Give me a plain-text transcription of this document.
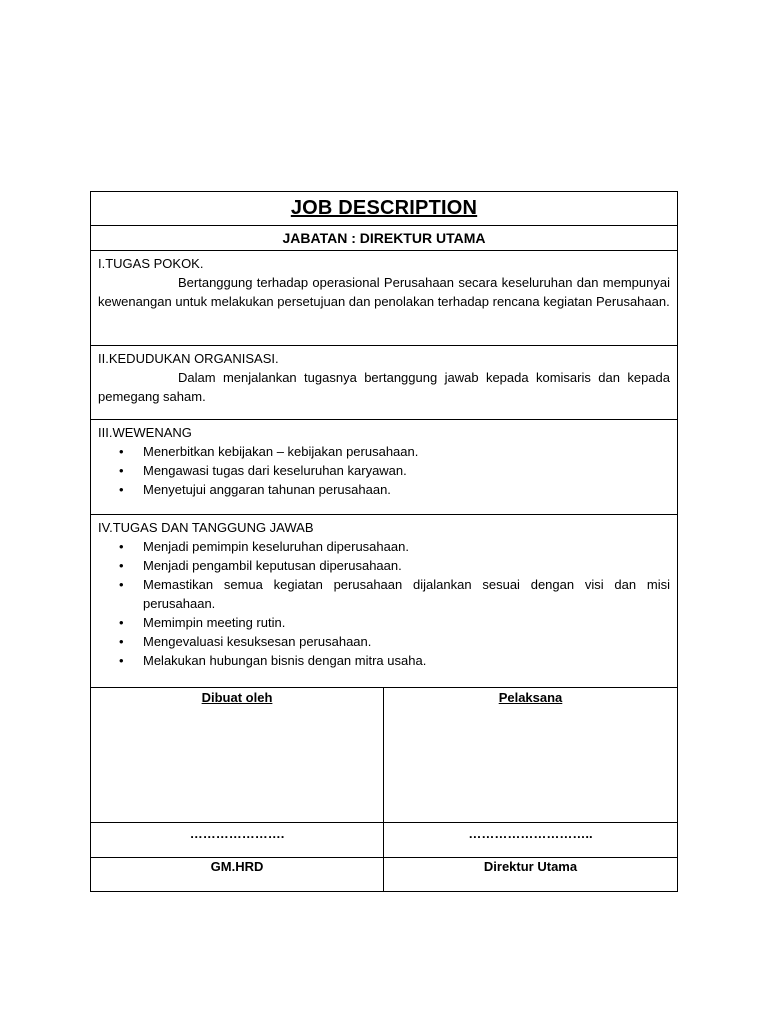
JOB DESCRIPTION
JABATAN : DIREKTUR UTAMA
I.TUGAS POKOK.
Bertanggung terhadap operasional Perusahaan secara keseluruhan dan mempunyai kewenangan untuk melakukan persetujuan dan penolakan terhadap rencana kegiatan Perusahaan.
II.KEDUDUKAN ORGANISASI.
Dalam menjalankan tugasnya bertanggung jawab kepada komisaris dan kepada pemegang saham.
III.WEWENANG
• Menerbitkan kebijakan – kebijakan perusahaan.
• Mengawasi tugas dari keseluruhan karyawan.
• Menyetujui anggaran tahunan perusahaan.
IV.TUGAS DAN TANGGUNG JAWAB
• Menjadi pemimpin keseluruhan diperusahaan.
• Menjadi pengambil keputusan diperusahaan.
• Memastikan semua kegiatan perusahaan dijalankan sesuai dengan visi dan misi perusahaan.
• Memimpin meeting rutin.
• Mengevaluasi kesuksesan perusahaan.
• Melakukan hubungan bisnis dengan mitra usaha.
Dibuat oleh	Pelaksana
………………….	………………………..
GM.HRD	Direktur Utama
